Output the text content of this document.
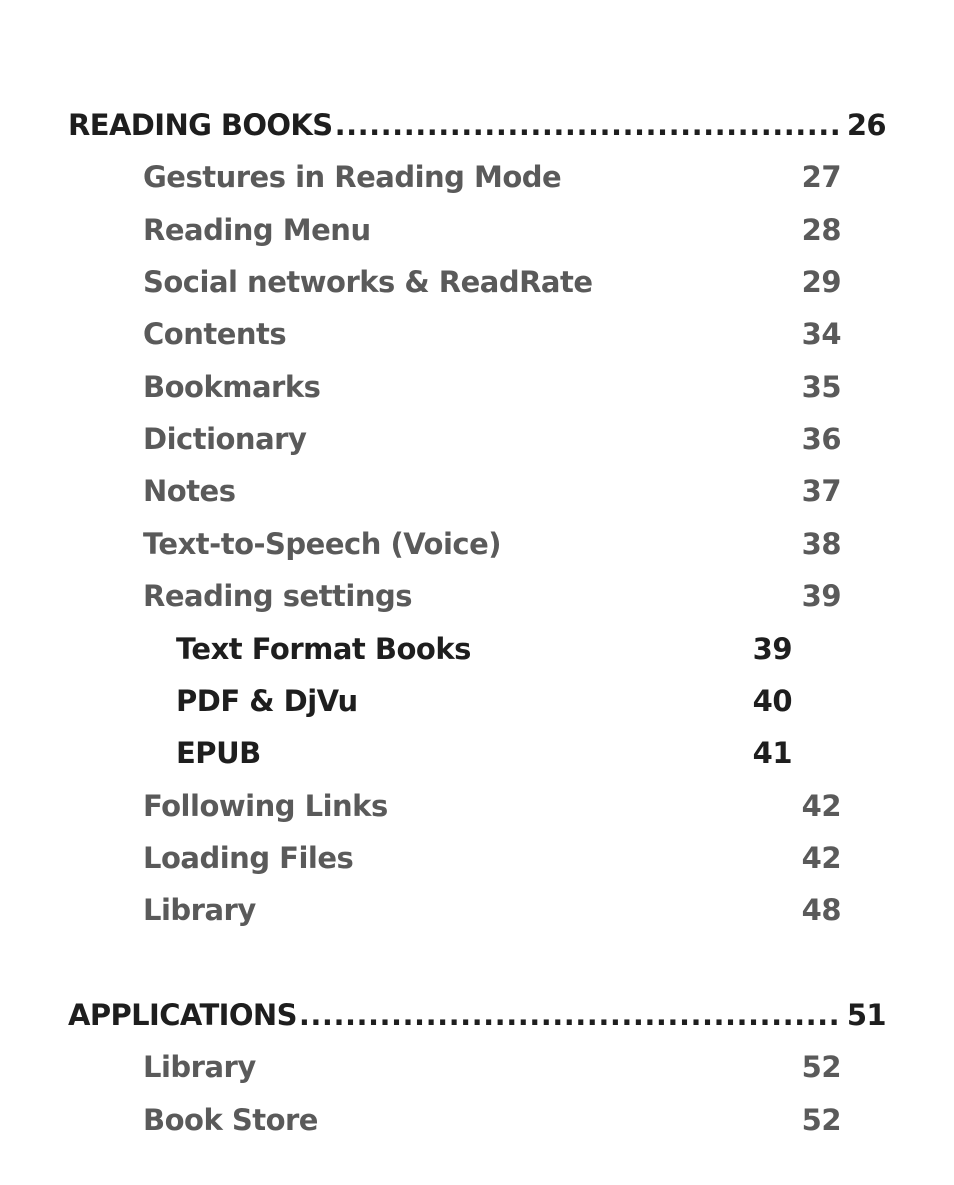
READING BOOKS .....	26
Gestures in Reading Mode	27
Reading Menu	28
Social networks & ReadRate	29
Contents	34
Bookmarks	35
Dictionary	36
Notes	37
Text-to-Speech (Voice)	38
Reading settings	39
Text Format Books	39
PDF & DjVu	40
EPUB	41
Following Links	42
Loading Files	42
Library	48
APPLICATIONS .....	51
Library	52
Book Store	52
